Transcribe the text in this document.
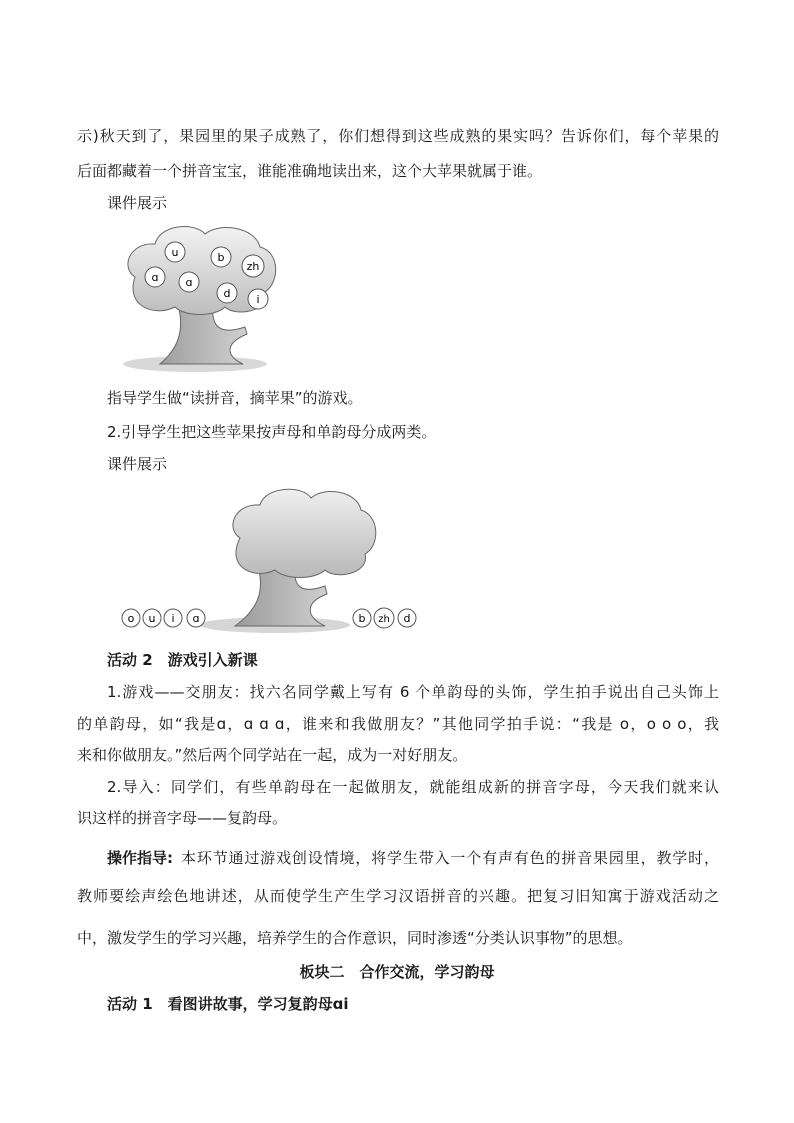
示)秋天到了，果园里的果子成熟了，你们想得到这些成熟的果实吗？告诉你们，每个苹果的
后面都藏着一个拼音宝宝，谁能准确地读出来，这个大苹果就属于谁。
课件展示
u	b
zh
ɑ ɑ
d i
指导学生做“读拼音，摘苹果”的游戏。
2.引导学生把这些苹果按声母和单韵母分成两类。
课件展示
o u i ɑ	b zh d
活动 2　游戏引入新课
1.游戏——交朋友：找六名同学戴上写有 6 个单韵母的头饰，学生拍手说出自己头饰上
的单韵母，如“我是ɑ，ɑ ɑ ɑ，谁来和我做朋友？”其他同学拍手说：“我是 o，o o o，我
来和你做朋友。”然后两个同学站在一起，成为一对好朋友。
2.导入：同学们，有些单韵母在一起做朋友，就能组成新的拼音字母，今天我们就来认
识这样的拼音字母——复韵母。
操作指导: 本环节通过游戏创设情境，将学生带入一个有声有色的拼音果园里，教学时，
教师要绘声绘色地讲述，从而使学生产生学习汉语拼音的兴趣。把复习旧知寓于游戏活动之
中，激发学生的学习兴趣，培养学生的合作意识，同时渗透“分类认识事物”的思想。
板块二　合作交流，学习韵母
活动 1　看图讲故事，学习复韵母ɑi
